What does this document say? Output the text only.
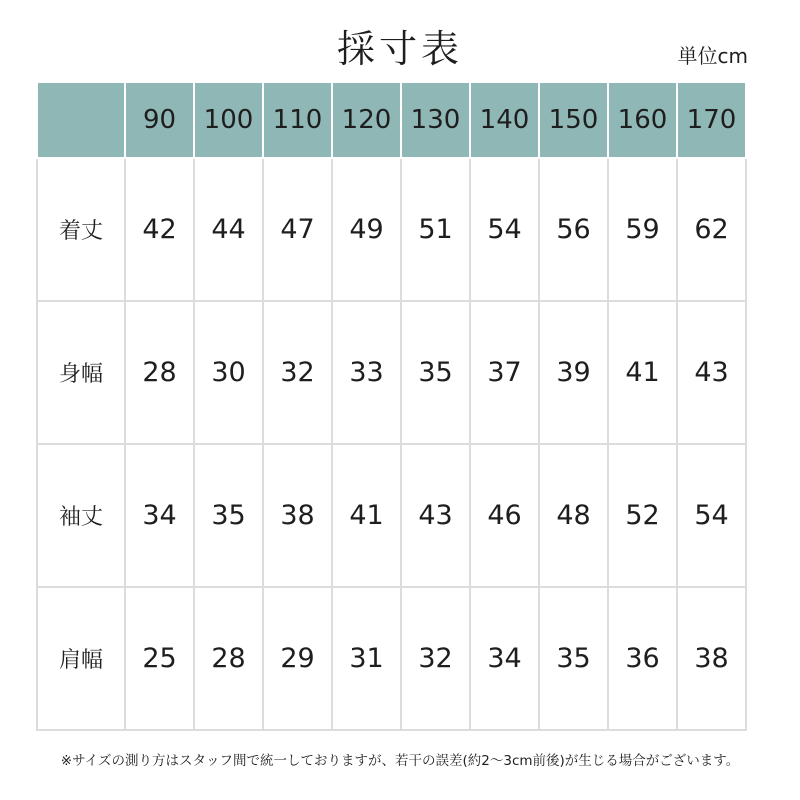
採寸表	単位cm
	90	100	110	120	130	140	150	160	170
着丈	42	44	47	49	51	54	56	59	62
身幅	28	30	32	33	35	37	39	41	43
袖丈	34	35	38	41	43	46	48	52	54
肩幅	25	28	29	31	32	34	35	36	38
※サイズの測り方はスタッフ間で統一しておりますが、若干の誤差(約2～3cm前後)が生じる場合がございます。
